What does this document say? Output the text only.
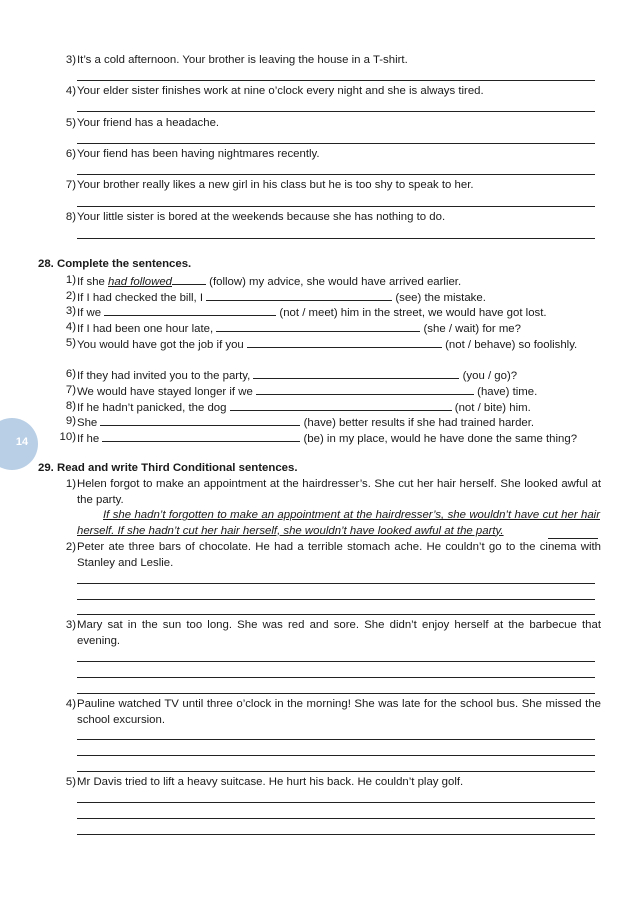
14
3) It’s a cold afternoon. Your brother is leaving the house in a T-shirt.
4) Your elder sister finishes work at nine o’clock every night and she is always tired.
5) Your friend has a headache.
6) Your fiend has been having nightmares recently.
7) Your brother really likes a new girl in his class but he is too shy to speak to her.
8) Your little sister is bored at the weekends because she has nothing to do.
28. Complete the sentences.
1) If she had followed	(follow) my advice, she would have arrived earlier.
2) If I had checked the bill, I	(see) the mistake.
3) If we	(not / meet) him in the street, we would have got lost.
4) If I had been one hour late,	(she / wait) for me?
5) You would have got the job if you	(not / behave) so foolishly.
6) If they had invited you to the party,	(you / go)?
7) We would have stayed longer if we	(have) time.
8) If he hadn’t panicked, the dog	(not / bite) him.
9) She	(have) better results if she had trained harder.
10) If he	(be) in my place, would he have done the same thing?
29. Read and write Third Conditional sentences.
1) Helen forgot to make an appointment at the hairdresser’s. She cut her hair herself. She looked awful at the party.
If she hadn’t forgotten to make an appointment at the hairdresser’s, she wouldn’t have cut her hair herself. If she hadn’t cut her hair herself, she wouldn’t have looked awful at the party.
2) Peter ate three bars of chocolate. He had a terrible stomach ache. He couldn’t go to the cinema with Stanley and Leslie.
3) Mary sat in the sun too long. She was red and sore. She didn’t enjoy herself at the barbecue that evening.
4) Pauline watched TV until three o’clock in the morning! She was late for the school bus. She missed the school excursion.
5) Mr Davis tried to lift a heavy suitcase. He hurt his back. He couldn’t play golf.
